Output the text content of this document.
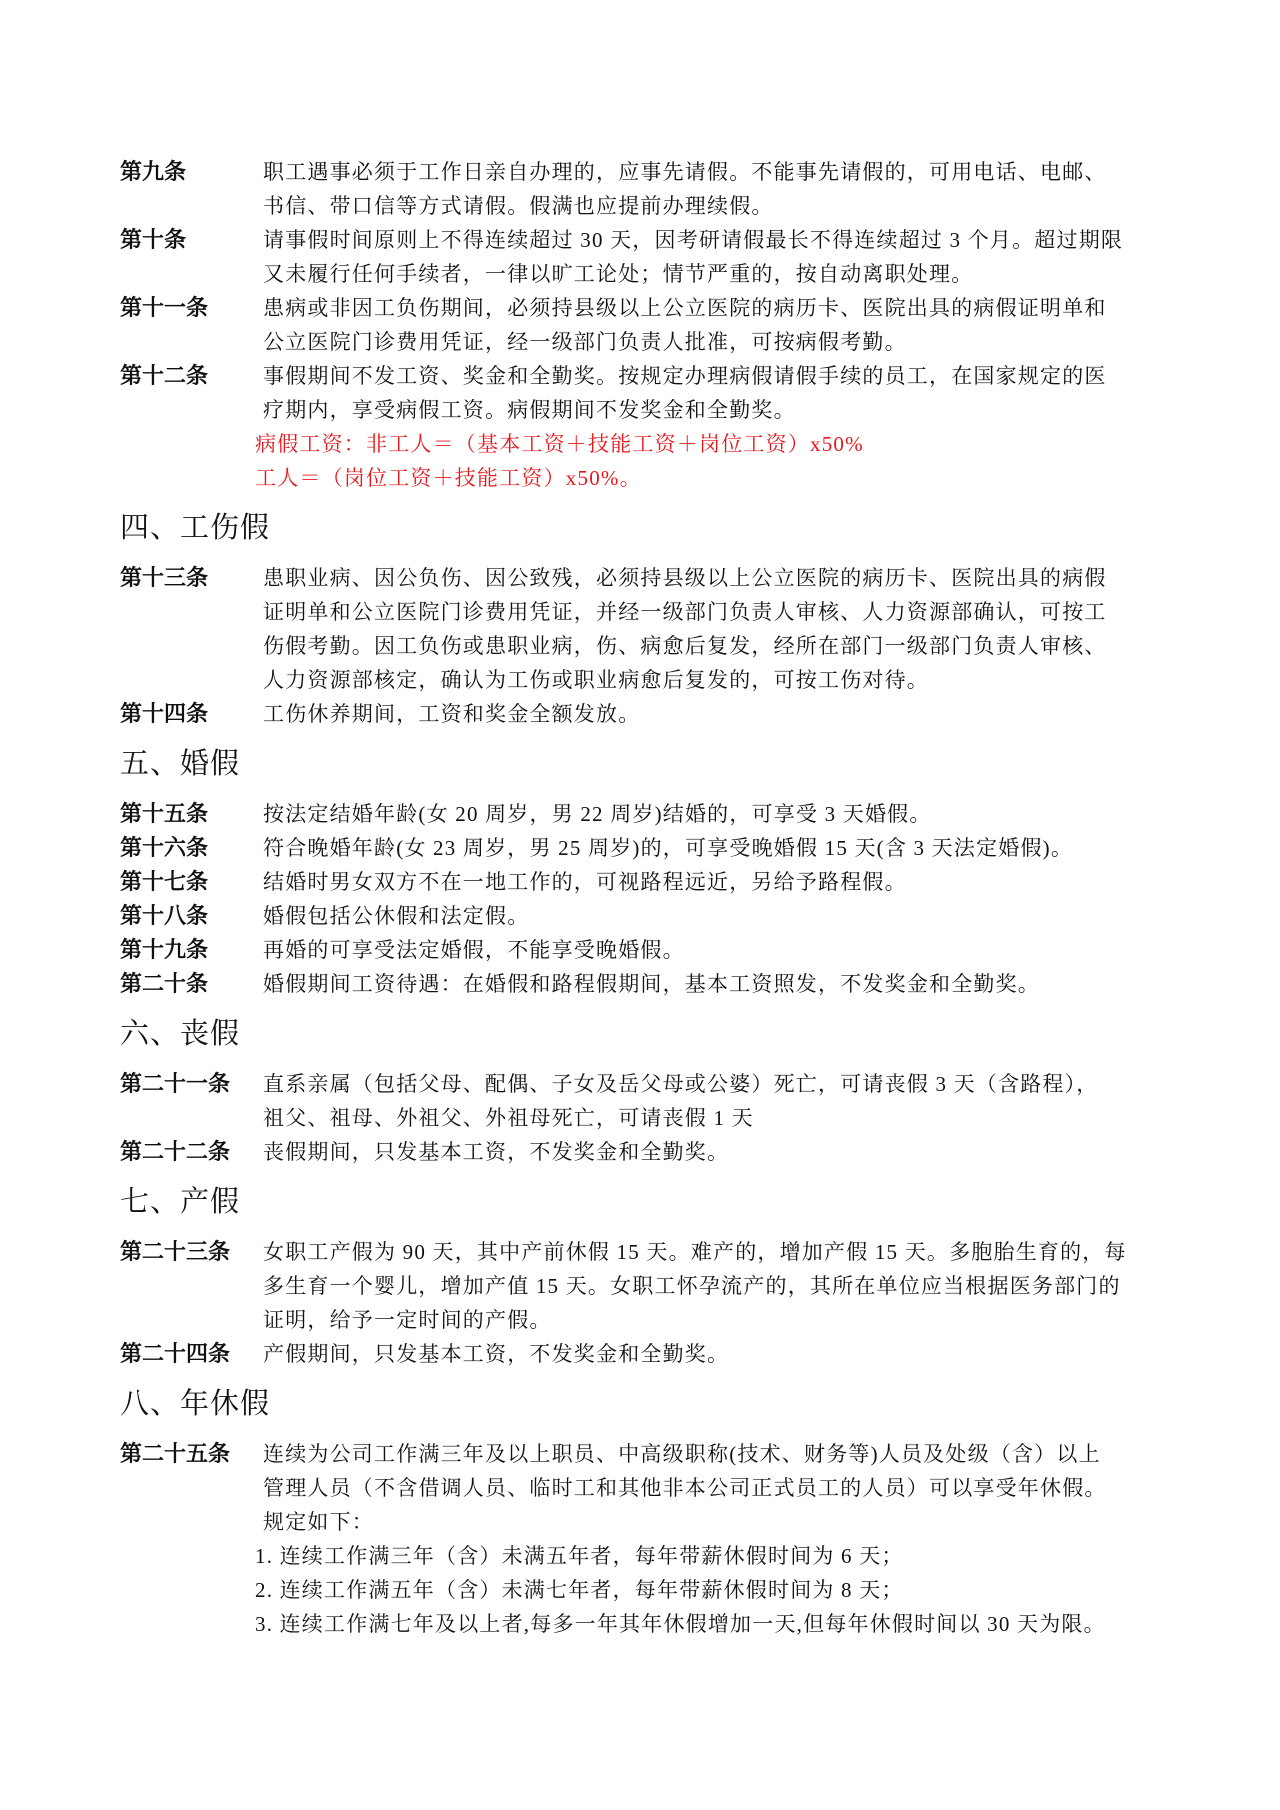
第九条	职工遇事必须于工作日亲自办理的，应事先请假。不能事先请假的，可用电话、电邮、
书信、带口信等方式请假。假满也应提前办理续假。
第十条	请事假时间原则上不得连续超过 30 天，因考研请假最长不得连续超过 3 个月。超过期限
又未履行任何手续者，一律以旷工论处；情节严重的，按自动离职处理。
第十一条	患病或非因工负伤期间，必须持县级以上公立医院的病历卡、医院出具的病假证明单和
公立医院门诊费用凭证，经一级部门负责人批准，可按病假考勤。
第十二条	事假期间不发工资、奖金和全勤奖。按规定办理病假请假手续的员工，在国家规定的医
疗期内，享受病假工资。病假期间不发奖金和全勤奖。
病假工资：非工人＝（基本工资＋技能工资＋岗位工资）x50%
工人＝（岗位工资＋技能工资）x50%。
四、工伤假
第十三条	患职业病、因公负伤、因公致残，必须持县级以上公立医院的病历卡、医院出具的病假
证明单和公立医院门诊费用凭证，并经一级部门负责人审核、人力资源部确认，可按工
伤假考勤。因工负伤或患职业病，伤、病愈后复发，经所在部门一级部门负责人审核、
人力资源部核定，确认为工伤或职业病愈后复发的，可按工伤对待。
第十四条	工伤休养期间，工资和奖金全额发放。
五、婚假
第十五条	按法定结婚年龄(女 20 周岁，男 22 周岁)结婚的，可享受 3 天婚假。
第十六条	符合晚婚年龄(女 23 周岁，男 25 周岁)的，可享受晚婚假 15 天(含 3 天法定婚假)。
第十七条	结婚时男女双方不在一地工作的，可视路程远近，另给予路程假。
第十八条	婚假包括公休假和法定假。
第十九条	再婚的可享受法定婚假，不能享受晚婚假。
第二十条	婚假期间工资待遇：在婚假和路程假期间，基本工资照发，不发奖金和全勤奖。
六、丧假
第二十一条 直系亲属（包括父母、配偶、子女及岳父母或公婆）死亡，可请丧假 3 天（含路程），
祖父、祖母、外祖父、外祖母死亡，可请丧假 1 天
第二十二条 丧假期间，只发基本工资，不发奖金和全勤奖。
七、产假
第二十三条 女职工产假为 90 天，其中产前休假 15 天。难产的，增加产假 15 天。多胞胎生育的，每
多生育一个婴儿，增加产值 15 天。女职工怀孕流产的，其所在单位应当根据医务部门的
证明，给予一定时间的产假。
第二十四条 产假期间，只发基本工资，不发奖金和全勤奖。
八、年休假
第二十五条 连续为公司工作满三年及以上职员、中高级职称(技术、财务等)人员及处级（含）以上
管理人员（不含借调人员、临时工和其他非本公司正式员工的人员）可以享受年休假。
规定如下：
1. 连续工作满三年（含）未满五年者，每年带薪休假时间为 6 天；
2. 连续工作满五年（含）未满七年者，每年带薪休假时间为 8 天；
3. 连续工作满七年及以上者,每多一年其年休假增加一天,但每年休假时间以 30 天为限。
